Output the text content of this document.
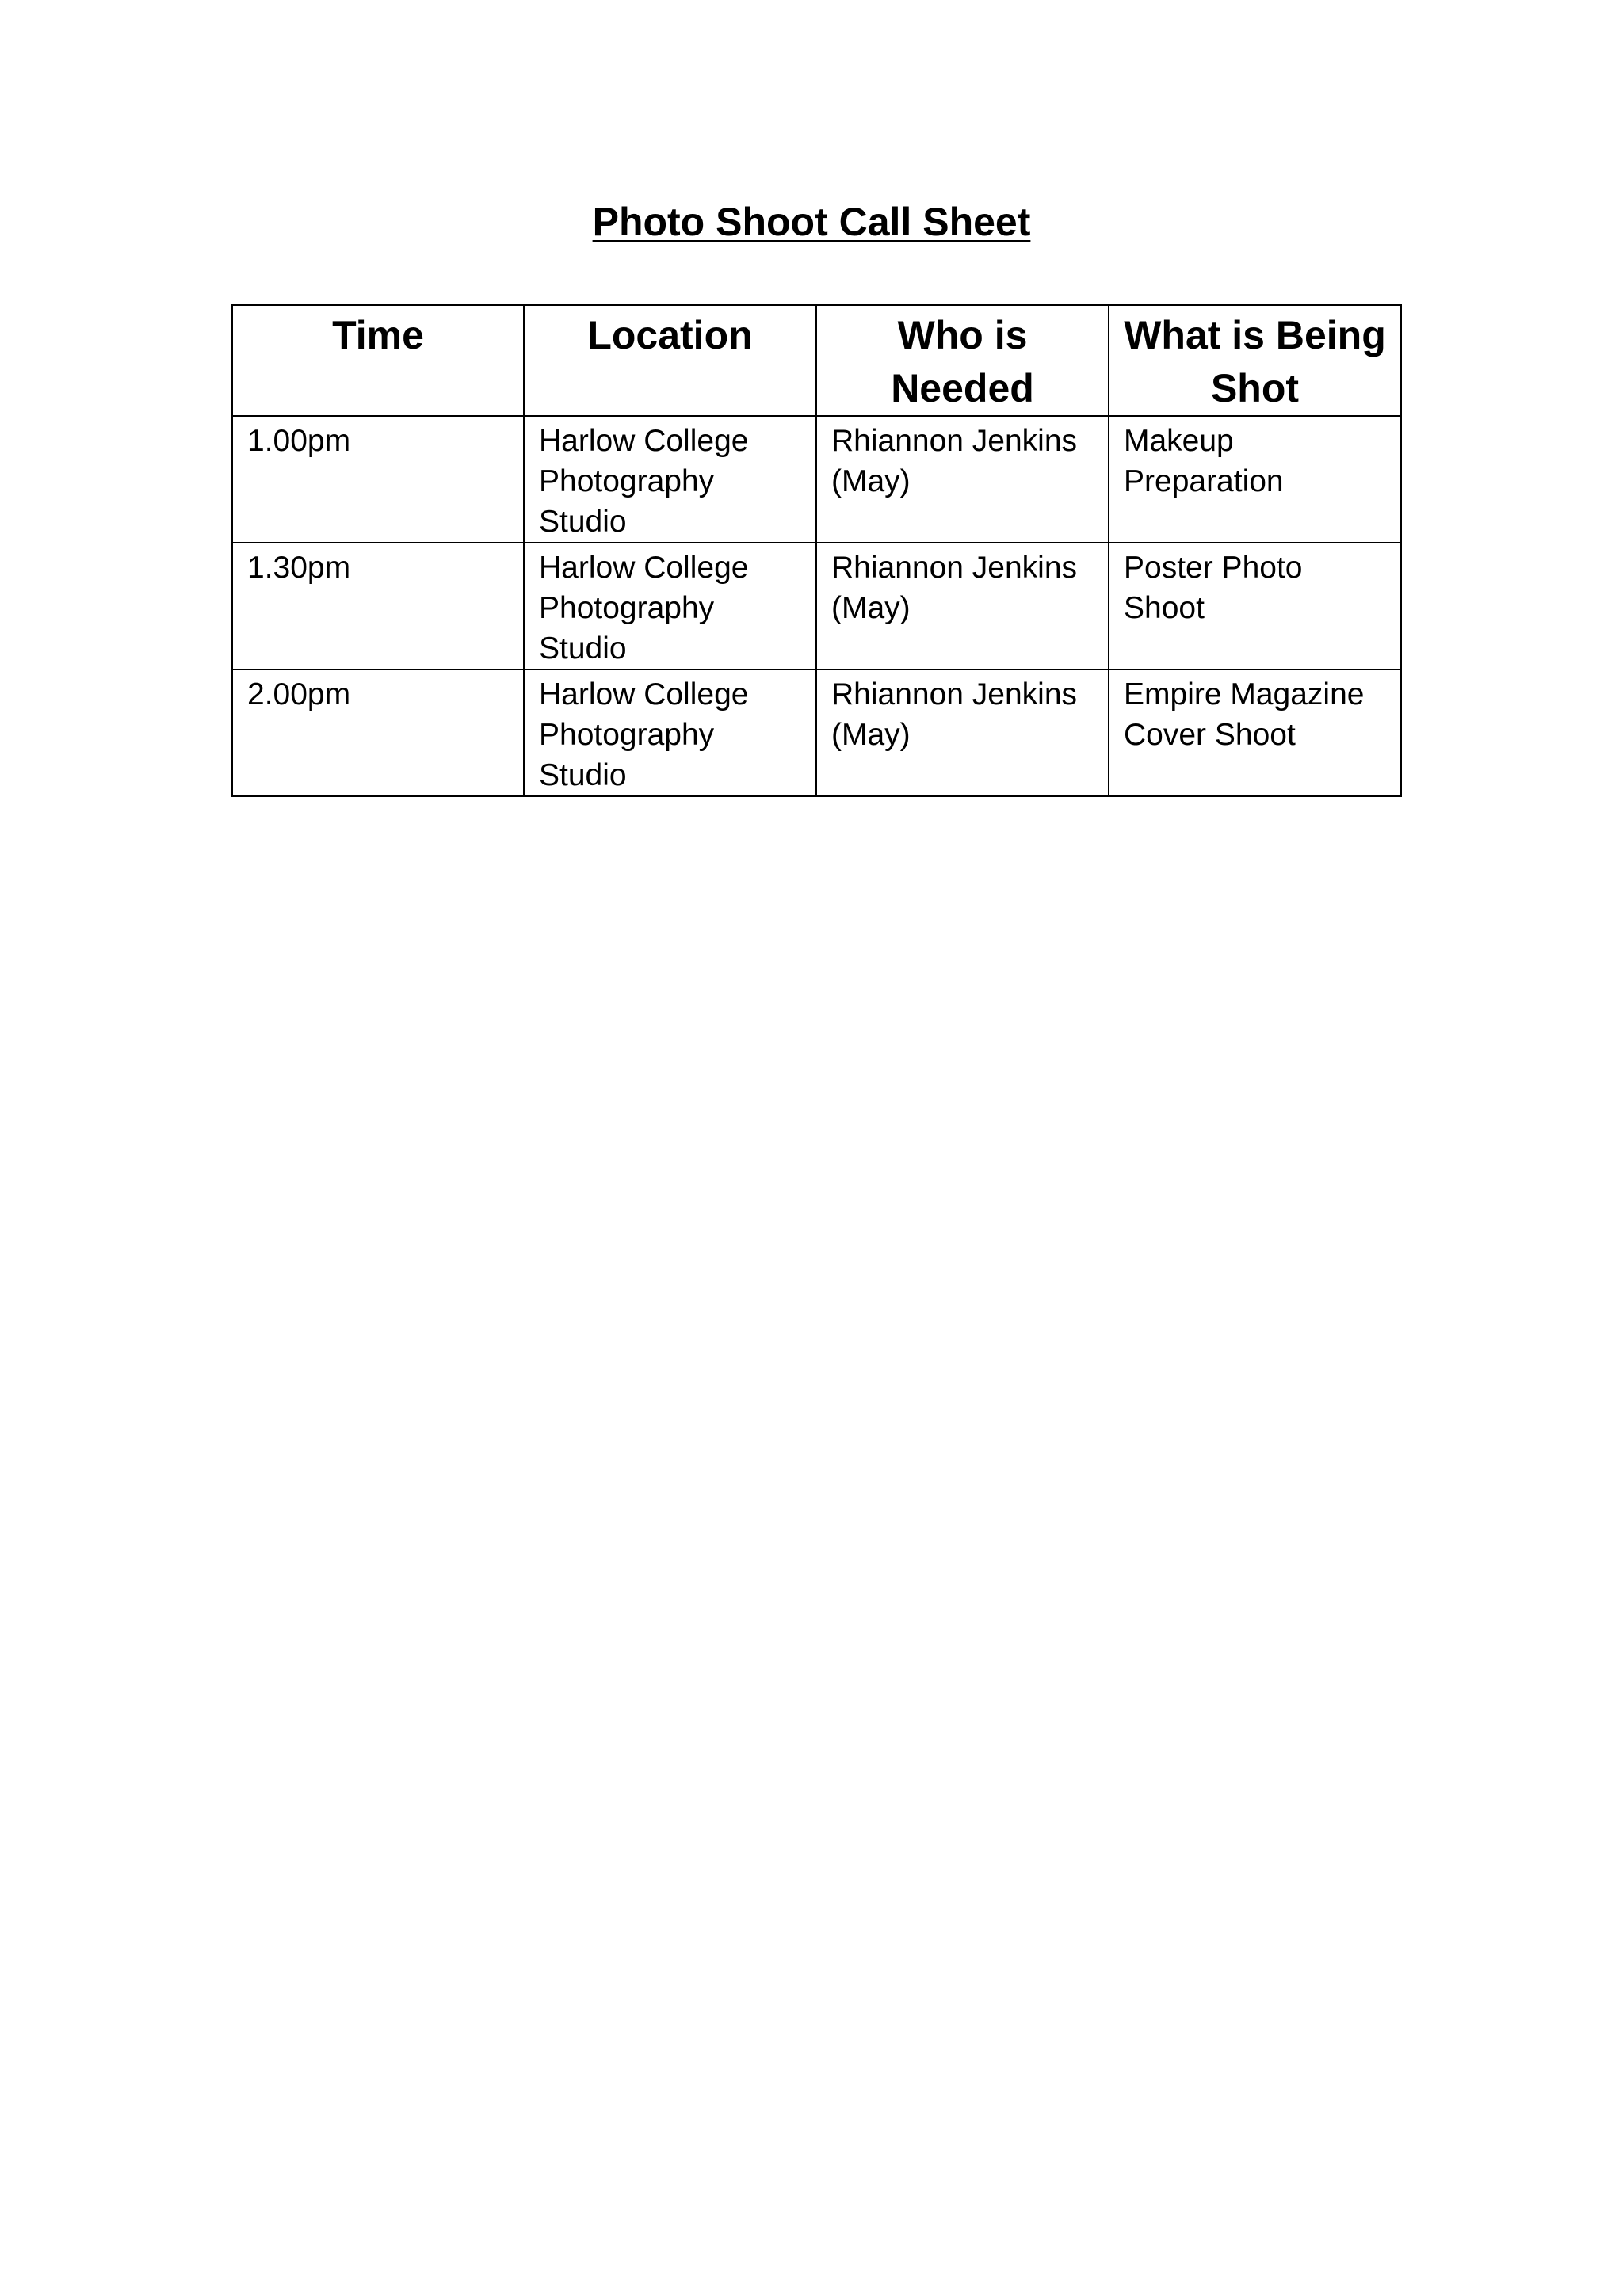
Photo Shoot Call Sheet
Time	Location	Who is Needed	What is Being Shot
1.00pm	Harlow College Photography Studio	Rhiannon Jenkins (May)	Makeup Preparation
1.30pm	Harlow College Photography Studio	Rhiannon Jenkins (May)	Poster Photo Shoot
2.00pm	Harlow College Photography Studio	Rhiannon Jenkins (May)	Empire Magazine Cover Shoot
